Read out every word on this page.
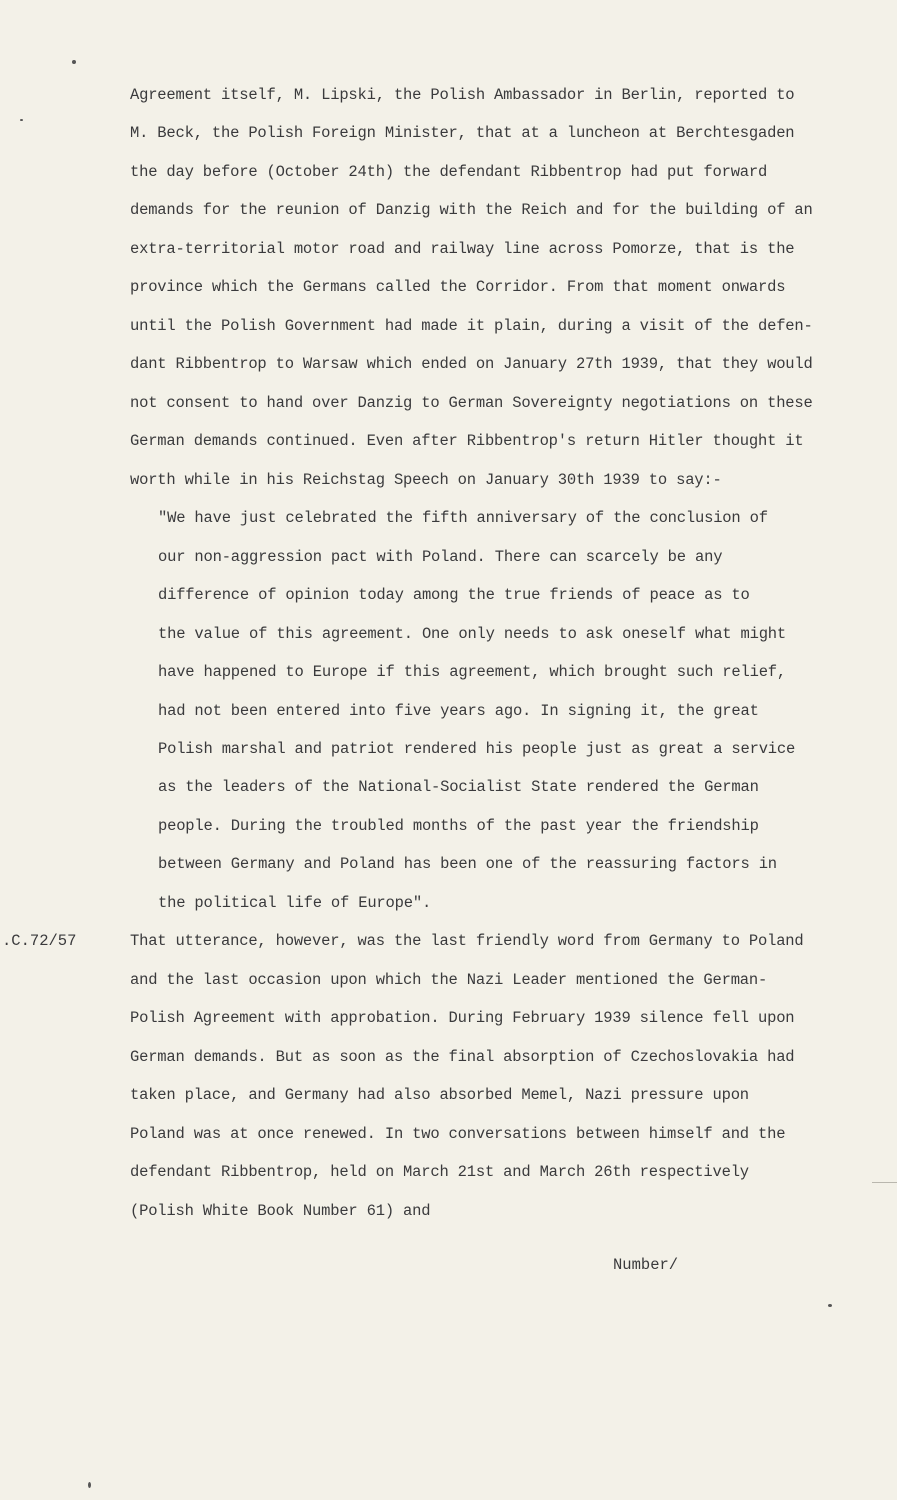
Agreement itself, M. Lipski, the Polish Ambassador in Berlin, reported to

M. Beck, the Polish Foreign Minister, that at a luncheon at Berchtesgaden

the day before (October 24th) the defendant Ribbentrop had put forward

demands for the reunion of Danzig with the Reich and for the building of an

extra-territorial motor road and railway line across Pomorze, that is the

province which the Germans called the Corridor. From that moment onwards

until the Polish Government had made it plain, during a visit of the defen-

dant Ribbentrop to Warsaw which ended on January 27th 1939, that they would

not consent to hand over Danzig to German Sovereignty negotiations on these

German demands continued. Even after Ribbentrop's return Hitler thought it

worth while in his Reichstag Speech on January 30th 1939 to say:-

"We have just celebrated the fifth anniversary of the conclusion of

our non-aggression pact with Poland. There can scarcely be any

difference of opinion today among the true friends of peace as to

the value of this agreement. One only needs to ask oneself what might

have happened to Europe if this agreement, which brought such relief,

had not been entered into five years ago. In signing it, the great

Polish marshal and patriot rendered his people just as great a service

as the leaders of the National-Socialist State rendered the German

people. During the troubled months of the past year the friendship

between Germany and Poland has been one of the reassuring factors in

the political life of Europe".

.C.72/57	That utterance, however, was the last friendly word from Germany to Poland

and the last occasion upon which the Nazi Leader mentioned the German-

Polish Agreement with approbation. During February 1939 silence fell upon

German demands. But as soon as the final absorption of Czechoslovakia had

taken place, and Germany had also absorbed Memel, Nazi pressure upon

Poland was at once renewed. In two conversations between himself and the

defendant Ribbentrop, held on March 21st and March 26th respectively

(Polish White Book Number 61) and

Number/
